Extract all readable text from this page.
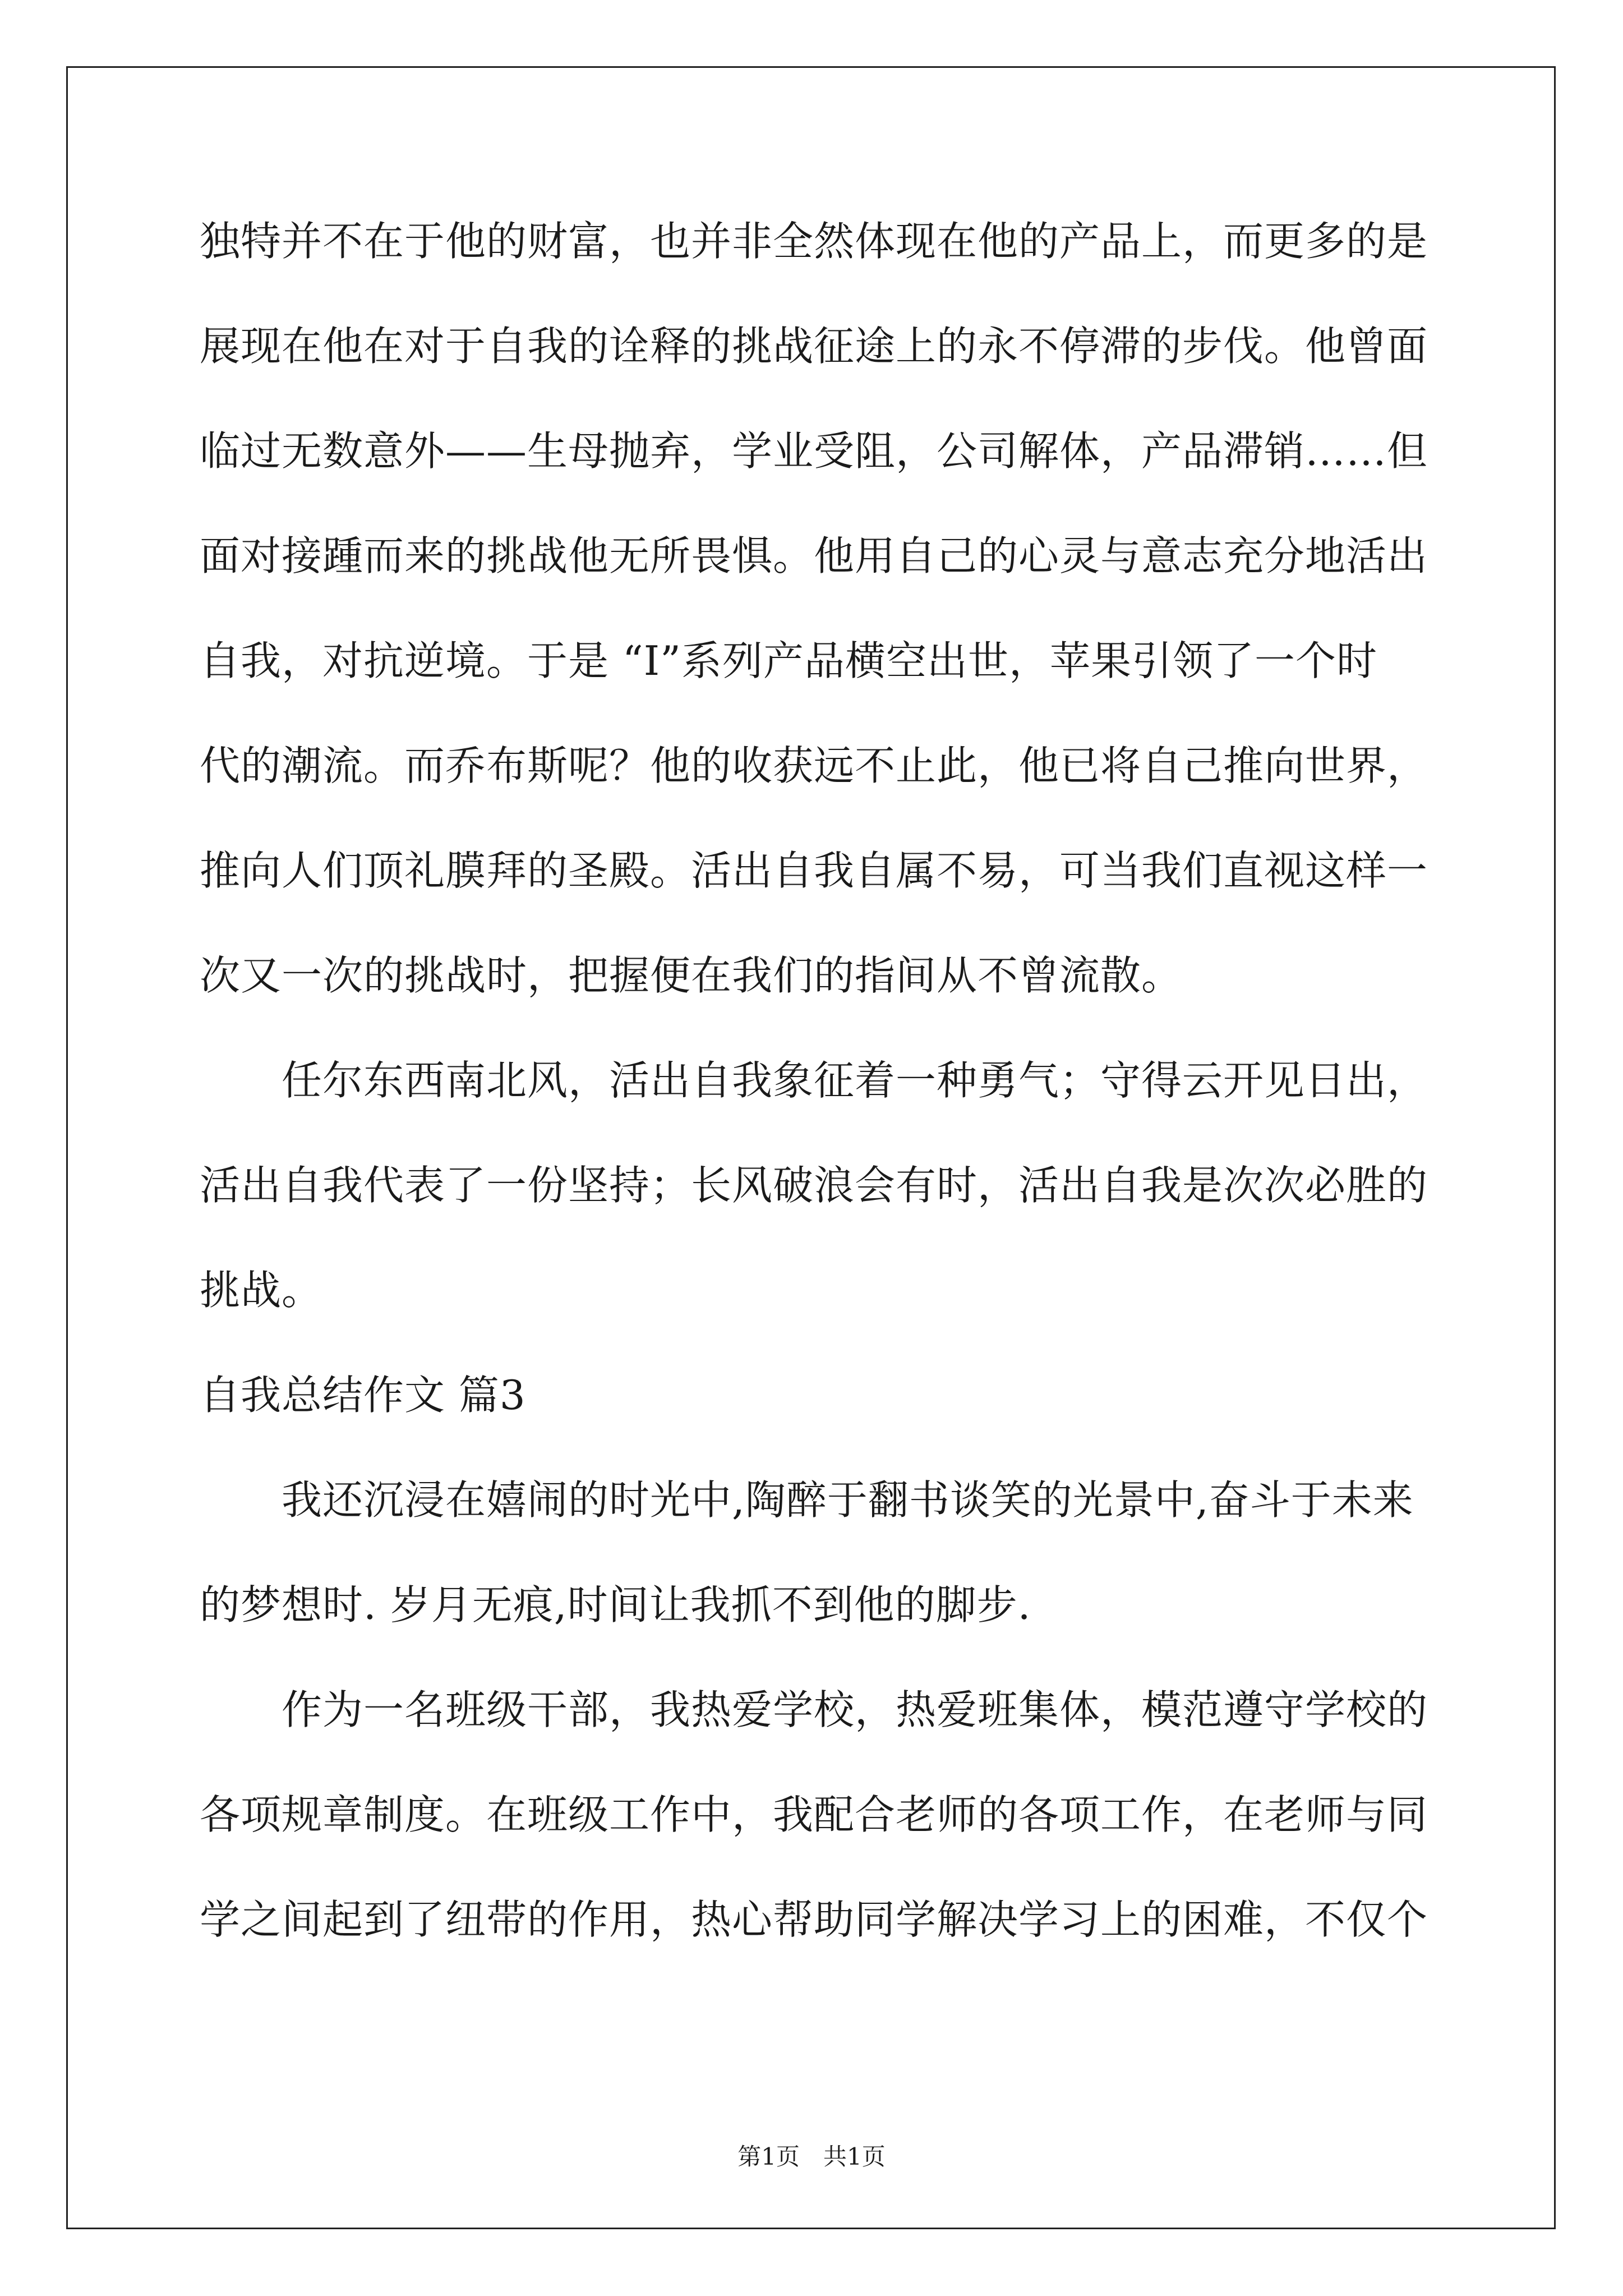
独特并不在于他的财富，也并非全然体现在他的产品上，而更多的是

展现在他在对于自我的诠释的挑战征途上的永不停滞的步伐。他曾面

临过无数意外——生母抛弃，学业受阻，公司解体，产品滞销……但

面对接踵而来的挑战他无所畏惧。他用自己的心灵与意志充分地活出

自我，对抗逆境。于是 “I”系列产品横空出世，苹果引领了一个时

代的潮流。而乔布斯呢？他的收获远不止此，他已将自己推向世界，

推向人们顶礼膜拜的圣殿。活出自我自属不易，可当我们直视这样一

次又一次的挑战时，把握便在我们的指间从不曾流散。

任尔东西南北风，活出自我象征着一种勇气；守得云开见日出，

活出自我代表了一份坚持；长风破浪会有时，活出自我是次次必胜的

挑战。

自我总结作文 篇3

我还沉浸在嬉闹的时光中,陶醉于翻书谈笑的光景中,奋斗于未来

的梦想时. 岁月无痕,时间让我抓不到他的脚步.

作为一名班级干部，我热爱学校，热爱班集体，模范遵守学校的

各项规章制度。在班级工作中，我配合老师的各项工作，在老师与同

学之间起到了纽带的作用，热心帮助同学解决学习上的困难，不仅个

第1页　共1页
